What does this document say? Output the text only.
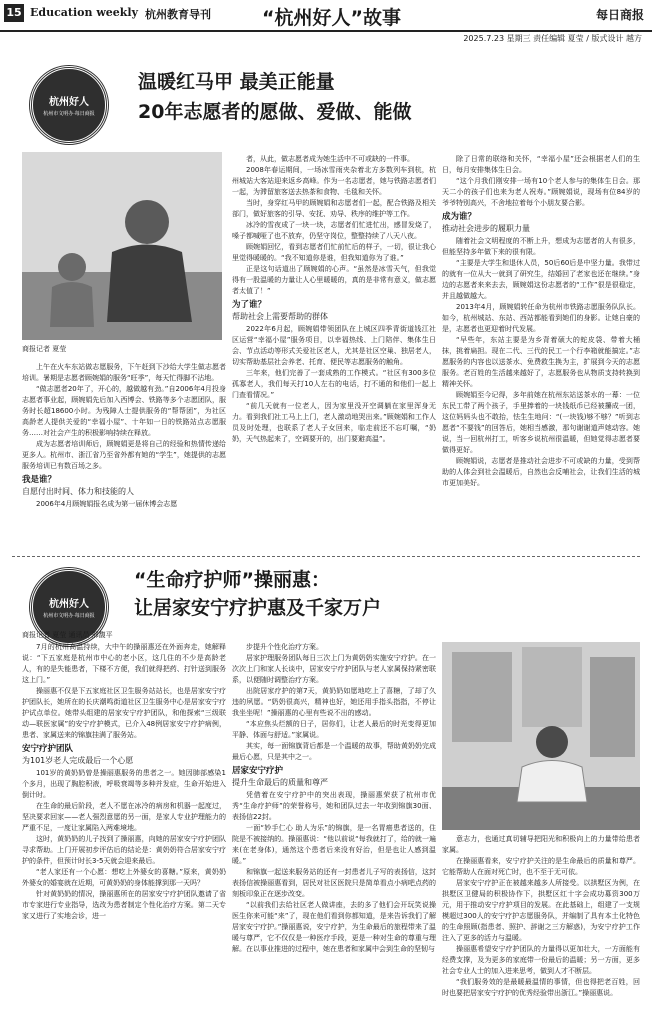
15 Education weekly 杭州教育导刊	“杭州好人”故事	每日商报
2025.7.23 星期三 责任编辑 夏莹 / 版式设计 越方
杭州好人
杭州市文明办·每日商报
温暖红马甲 最美正能量
20年志愿者的愿做、爱做、能做
商报记者 夏莹

上午在火车东站做志愿服务，下午赶到下沙给大学生做志愿者培训。暑期是志愿者顾婉娟的服务“旺季”，每天忙得脚不沾地。

“做志愿者20年了，开心的，越做越有劲。”自2006年4月投身志愿者事业起，顾婉娟先后加入西博会、铁路等多个志愿团队，服务时长超18600小时。为残障人士提供服务的“帮帮团”，为社区高龄老人提供关爱的“幸福小屋”、十年如一日的铁路站点志愿服务……对社会产生的积极影响持续在释放。

成为志愿者培训师后，顾婉娟更是将自己的经验和热情传递给更多人。杭州市、浙江省乃至省外都有她的“学生”，她提供的志愿服务培训已有数百场之多。

我是谁？

自愿付出时间、体力和技能的人

2006年4月顾婉娟报名成为第一届休博会志愿

者，从此，做志愿者成为她生活中不可或缺的一件事。

2008年春运期间，一场冰雪雨夹杂着北方多数列车到杭，杭州城站大客站迎来返乡高峰。作为一名志愿者，她与铁路志愿者们一起，为滞留旅客送去热茶和食物、毛毯和关怀。

当时，身穿红马甲的顾婉娟和志愿者们一起，配合铁路及相关部门，做好旅客的引导、安抚、劝导、秩序的维护等工作。

冰冷的雪夜成了一块一块，志愿者们忙进忙出，感冒发烧了，嗓子都喊哑了也不放弃，仍坚守岗位，整整持续了八天八夜。

顾婉娟回忆，看到志愿者们忙前忙后的样子，一切，很让我心里觉得暖暖的。“我不知道你是谁，但我知道你为了谁。”

正是这句话道出了顾婉娟的心声。“虽然是冰雪天气，但我觉得有一股温暖的力量让人心里暖暖的，真的是非常有意义，做志愿者太值了！”

为了谁？

帮助社会上需要帮助的群体

2022年6月起，顾婉娟带领团队在上城区四季青街道钱江社区运营“幸福小屋”服务项目，以幸福热线、上门陪伴、集体生日会、节点活动等形式关爱社区老人，尤其是社区空巢、独居老人，切实帮助基层社会养老、托育、便民等志愿服务的触角。

三年来，他们完善了一套成熟的工作模式。“社区有300多位孤寡老人，我们每天打10人左右的电话，打不通的和他们一起上门查看情况。”

“前几天就有一位老人，因为家里没开空调躺在家里浑身无力。看到我们社工马上上门，老人激动地哭出来。”顾婉娟和工作人员及时处理，也联系了老人子女回来，临走前还不忘叮嘱，“奶奶，天气热起来了，空调要开的，出门要避高温”。

除了日常的联络和关怀，“幸福小屋”还会根据老人们的生日，每月安排集体生日会。

“这个月我们刚安排一场有10个老人参与的集体生日会。那天二小的孩子们也来为老人祝寿。”顾婉娟说，现场有位84岁的爷爷特别高兴，不舍地拉着每个小朋友要合影。

成为谁？

推动社会进步的履职力量

随着社会文明程度的不断上升，想成为志愿者的人有很多，但能坚持多年做下来的很有限。

“主要是大学生和退休人员，50后60后是中坚力量。我带过的就有一位从大一就到了研究生，结婚回了老家也还在继续。”身边的志愿者来来去去，顾婉娟这份志愿者的“工作”很是很稳定，并且越做越大。

2013年4月，顾婉娟转任命为杭州市铁路志愿服务队队长。如今，杭州城站、东站、西站都能看到她们的身影。让她自豪的是，志愿者也更迎着时代发展。

“早些年，东站主要是为乡背着硕大的蛇皮袋、带着大桶抹，挑着扁担。现在二代、三代的民工一个行李箱就能搞定。”志愿服务的内容也以送茶水、免费救生换为主，扩展到今天的志愿服务。老百姓的生活越来越好了，志愿服务也从物质支持转换到精神关怀。

顾婉娟至今记得，多年前她在杭州东站送茶水的一幕：一位东民工带了两个孩子，手里捧着的一块钱纸币已经被攥成一团，这位妈妈头也不敢抬，怯生生地问：“(一块钱)够不够？”听到志愿者“不要钱”的回答后，她相当感激，那句谢谢道声她动容。她说，当一回杭州打工，听客乡说杭州很温暖，但她觉得志愿者要做得更好。

顾婉娟说，志愿者是推动社会进步不可或缺的力量，受到帮助的人体会到社会温暖后，自然也会反哺社会，让我们生活的城市更加美好。

杭州好人
杭州市文明办·每日商报
“生命疗护师”操丽惠：
让居家安宁疗护惠及千家万户
商报记者 夏莹 通讯员 邢馥平

7月的杭州高温持续，大中午的操丽惠还在外面奔走，她解释说：“下五家庭是杭州市中心的老小区，这几住的不少是高龄老人，有的是失能患者，下楼不方便，我们就得把药、打针送到服务这上门。”

操丽惠不仅是下五家庭社区卫生服务站站长，也是居家安宁疗护团队长，她所在的长庆潮鸣街道社区卫生服务中心是居家安宁疗护试点单位。她带头组建的居家安宁疗护团队，和他探索“三级联动—联医家属”的安宁疗护模式，已介入48例居家安宁疗护病例，患者、家属送来的锦旗挂满了服务站。

安宁疗护团队

为101岁老人完成最后一个心愿

101岁的黄奶奶曾是操丽惠服务的患者之一。她因肺部感染1个多月，出现了胸腔积液，呼吸衰竭等多种并发症，生命开始进入倒计时。

在生命的最后阶段，老人不愿在冰冷的病房和机器一起度过，坚决要求回家——老人强烈意愿的另一面，是家人专业护理能力的严重不足，一度让家属陷入两难境地。

这时，黄奶奶的儿子找到了操丽惠，向她的居家安宁疗护团队寻求帮助。上门开展初步评估后的结论是：黄奶奶符合居家安宁疗护的条件，但预计时长3-5天就会迎来最后。

“老人家还有一个心愿：想吃上外婆女的喜糖。”原来，黄奶奶外婆女的婚宴就在近期，可黄奶奶的身体能撑到那一天吗？

针对黄奶奶的情况，操丽惠所在的居家安宁疗护团队邀请了省市专家进行专业指导，选改为患者制定个性化治疗方案。第二天专家又进行了实地会诊，进一

步提升个性化治疗方案。

居家护理服务团队每日三次上门为黄奶奶实施安宁疗护。在一次次上门和家人长谈中，居家安宁疗护团队与老人家属保持紧密联系，以便随时调整治疗方案。

出院居家疗护的第7天，黄奶奶如愿地吃上了喜糖，了却了久违的夙愿。“奶奶很高兴，精神也好，她还用手指头指指，不停让我坐坐呢！”操丽惠的心里有些说不出的感动。

“本应焦头烂额的日子，居你们，让老人最后的时光变得更加平静、体面与舒适。”家属说。

其实，每一面锦旗背后都是一个温暖的故事，帮助黄奶奶完成最后心愿，只是其中之一。

居家安宁疗护

提升生命最后的质量和尊严

凭借着在安宁疗护中的突出表现，操丽惠荣获了杭州市优秀“生命疗护师”的荣誉称号，她和团队过去一年收到锦旗30面、表扬信22封。

一面“妙手仁心 助人为乐”的锦旗，是一名胃癌患者送的，住院是不被接纳的。操丽惠说：“他以前说“每我就打了，给的就一遍来(在老身体)，通然这个患者后来没有好治，但是也让人感到温暖。”

和锦旗一起送来服务站的还有一封患者儿子写的表扬信，这封表扬信被操丽惠看到，居民对社区医院只是简单看点小病吧点药的刻板印象正在逐步改变。

“以前我们去给社区老人做讲座，去的多了他们会开玩笑说操医生你来可能“来”了，现在他们看到你都知道，是来告诉我们了解居家安宁疗护。”操丽惠说，安宁疗护，为生命最后的旅程带来了温暖与尊严，它不仅仅是一种医疗手段，更是一种对生命的尊重与理解。在以事业推进的过程中，她在患者和家属中会到生命的坚韧与

意志力，也通过真切辅导把阳光和积极向上的力量带给患者家属。

在操丽惠看来，安宁疗护关注的是生命最后的质量和尊严。它能帮助人在面对死亡时，也不至于无可依。

居家安宁疗护正在被越来越多人所接受。以拱墅区为例，在拱墅区卫健局的积极协作下，拱墅区红十字会成功募资300万元，用于推动安宁疗护项目的发展。在此基础上，组建了一支规模超过300人的安宁疗护志愿服务队，并编制了具有本土化特色的生命照顾(指患者、照护、辞谢之三方解惑)，为安宁疗护工作注入了更多的活力与温暖。

操丽惠希望安宁疗护团队的力量得以更加壮大，一方面能有经费支撑，及为更多的家庭带一份最后的温暖；另一方面，更多社会专业人士的加入进来思考，做到人才不断层。

“我们服务效的是最暖最温情的事情，但也得把老百姓，回时也要把居家安宁疗护的优秀经验带出浙江。”操丽惠说。
